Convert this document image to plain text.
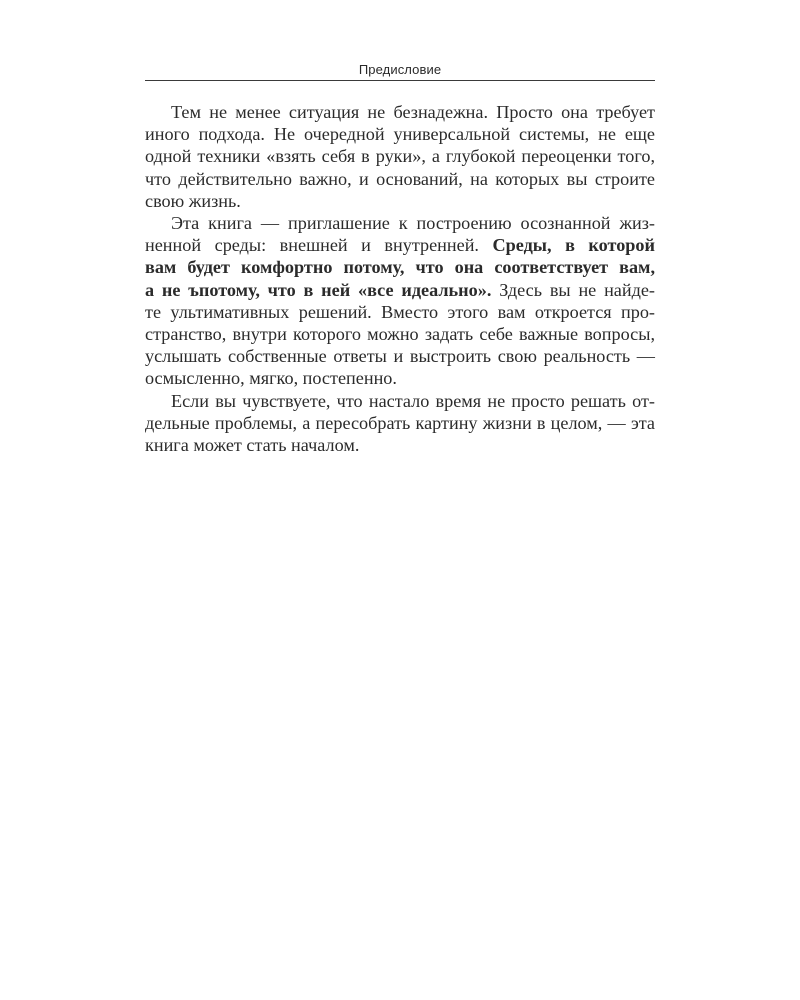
Предисловие
Тем не менее ситуация не безнадежна. Просто она требует
иного подхода. Не очередной универсальной системы, не еще
одной техники «взять себя в руки», а глубокой переоценки того,
что действительно важно, и оснований, на которых вы строите
свою жизнь.
Эта книга — приглашение к построению осознанной жиз-
ненной среды: внешней и внутренней. Среды, в которой
вам будет комфортно потому, что она соответствует вам,
а не ъпотому, что в ней «все идеально». Здесь вы не найде-
те ультимативных решений. Вместо этого вам откроется про-
странство, внутри которого можно задать себе важные вопросы,
услышать собственные ответы и выстроить свою реальность —
осмысленно, мягко, постепенно.
Если вы чувствуете, что настало время не просто решать от-
дельные проблемы, а пересобрать картину жизни в целом, — эта
книга может стать началом.
